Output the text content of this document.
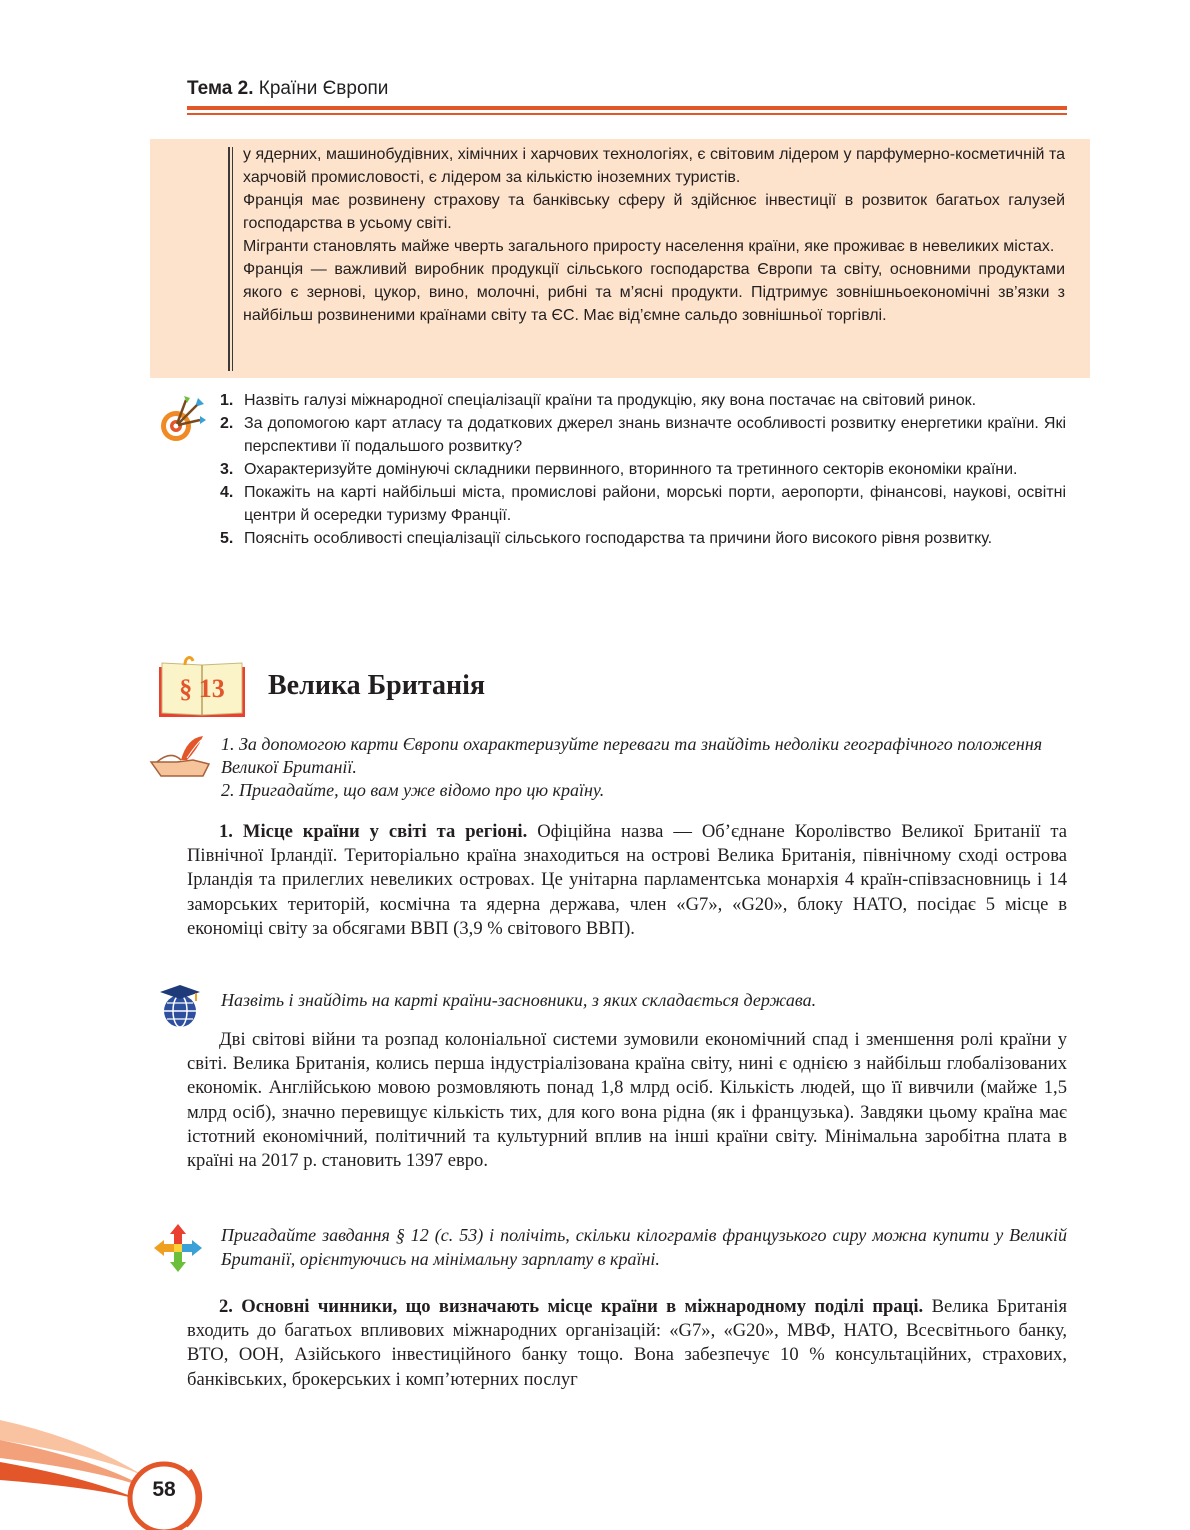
Тема 2. Країни Європи

у ядерних, машинобудівних, хімічних і харчових технологіях, є світовим лідером у парфумерно-косметичній та харчовій промисловості, є лідером за кількістю іноземних туристів.

Франція має розвинену страхову та банківську сферу й здійснює інвестиції в розвиток багатьох галузей господарства в усьому світі.

Мігранти становлять майже чверть загального приросту населення країни, яке проживає в невеликих містах.

Франція — важливий виробник продукції сільського господарства Європи та світу, основними продуктами якого є зернові, цукор, вино, молочні, рибні та м’ясні продукти. Підтримує зовнішньоекономічні зв’язки з найбільш розвиненими країнами світу та ЄС. Має від’ємне сальдо зовнішньої торгівлі.

1. Назвіть галузі міжнародної спеціалізації країни та продукцію, яку вона постачає на світовий ринок.

2. За допомогою карт атласу та додаткових джерел знань визначте особливості розвитку енергетики країни. Які перспективи її подальшого розвитку?

3. Охарактеризуйте домінуючі складники первинного, вторинного та третинного секторів економіки країни.

4. Покажіть на карті найбільші міста, промислові райони, морські порти, аеропорти, фінансові, наукові, освітні центри й осередки туризму Франції.

5. Поясніть особливості спеціалізації сільського господарства та причини його високого рівня розвитку.

§ 13 Велика Британія

1. За допомогою карти Європи охарактеризуйте переваги та знайдіть недоліки географічного положення Великої Британії.

2. Пригадайте, що вам уже відомо про цю країну.

1. Місце країни у світі та регіоні. Офіційна назва — Об’єднане Королівство Великої Британії та Північної Ірландії. Територіально країна знаходиться на острові Велика Британія, північному сході острова Ірландія та прилеглих невеликих островах. Це унітарна парламентська монархія 4 країн-співзасновниць і 14 заморських територій, космічна та ядерна держава, член «G7», «G20», блоку НАТО, посідає 5 місце в економіці світу за обсягами ВВП (3,9 % світового ВВП).

Назвіть і знайдіть на карті країни-засновники, з яких складається держава.

Дві світові війни та розпад колоніальної системи зумовили економічний спад і зменшення ролі країни у світі. Велика Британія, колись перша індустріалізована країна світу, нині є однією з найбільш глобалізованих економік. Англійською мовою розмовляють понад 1,8 млрд осіб. Кількість людей, що її вивчили (майже 1,5 млрд осіб), значно перевищує кількість тих, для кого вона рідна (як і французька). Завдяки цьому країна має істотний економічний, політичний та культурний вплив на інші країни світу. Мінімальна заробітна плата в країні на 2017 р. становить 1397 евро.

Пригадайте завдання § 12 (с. 53) і полічіть, скільки кілограмів французького сиру можна купити у Великій Британії, орієнтуючись на мінімальну зарплату в країні.

2. Основні чинники, що визначають місце країни в міжнародному поділі праці. Велика Британія входить до багатьох впливових міжнародних організацій: «G7», «G20», МВФ, НАТО, Всесвітнього банку, ВТО, ООН, Азійського інвестиційного банку тощо. Вона забезпечує 10 % консультаційних, страхових, банківських, брокерських і комп’ютерних послуг

58
